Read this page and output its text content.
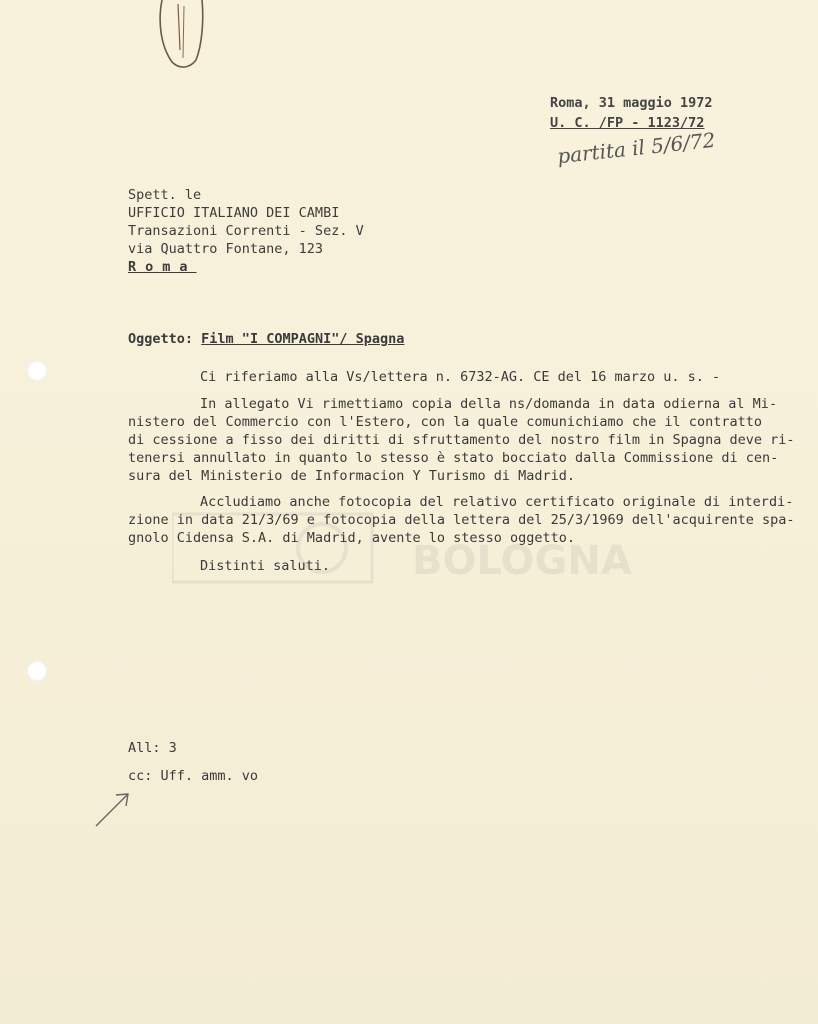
Roma, 31 maggio 1972
U. C. /FP - 1123/72
partita il 5/6/72
Spett. le
UFFICIO ITALIANO DEI CAMBI
Transazioni Correnti - Sez. V
via Quattro Fontane, 123
Roma
Oggetto: Film "I COMPAGNI"/ Spagna
BOLOGNA
Ci riferiamo alla Vs/lettera n. 6732-AG. CE del 16 marzo u. s. -
In allegato Vi rimettiamo copia della ns/domanda in data odierna al Mi-
nistero del Commercio con l'Estero, con la quale comunichiamo che il contratto
di cessione a fisso dei diritti di sfruttamento del nostro film in Spagna deve ri-
tenersi annullato in quanto lo stesso è stato bocciato dalla Commissione di cen-
sura del Ministerio de Informacion Y Turismo di Madrid.
Accludiamo anche fotocopia del relativo certificato originale di interdi-
zione in data 21/3/69 e fotocopia della lettera del 25/3/1969 dell'acquirente spa-
gnolo Cidensa S.A. di Madrid, avente lo stesso oggetto.
Distinti saluti.
All: 3
cc: Uff. amm. vo
